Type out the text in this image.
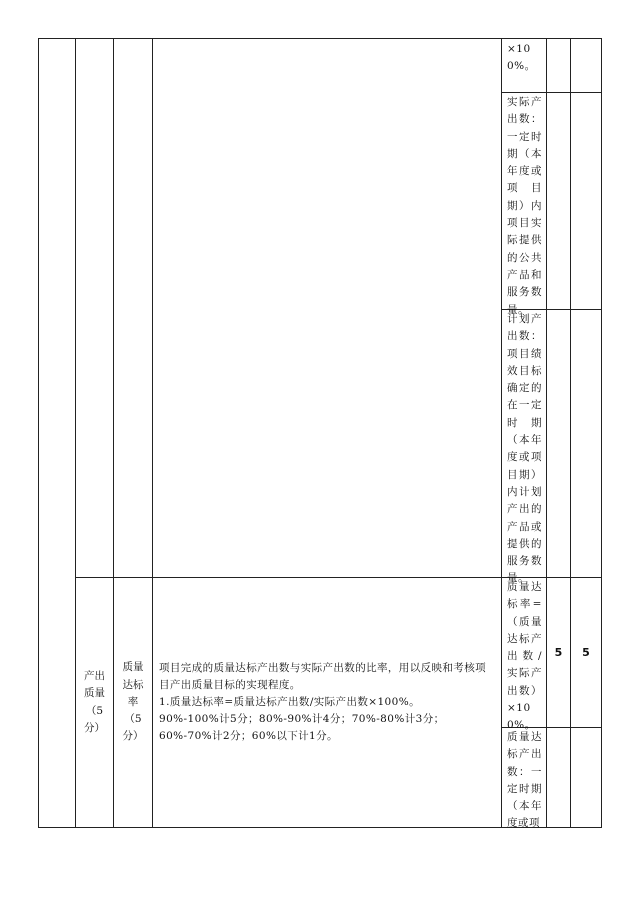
×100%。
实际产出数：一定时期（本年度或项　目期）内项目实际提供的公共产品和服务数量。
计划产出数：项目绩效目标确定的在一定时　期（本年度或项目期）内计划产出的产品或提供的服务数量。
产出质量（5分）
质量达标率（5分）

项目完成的质量达标产出数与实际产出数的比率，用以反映和考核项目产出质量目标的实现程度。

1.质量达标率=质量达标产出数/实际产出数×100%。

90%-100%计5分；80%-90%计4分；70%-80%计3分；60%-70%计2分；60%以下计1分。

质量达标率=（质量达标产出数/实际产出数）×100%。
质量达标产出数：一定时期（本年度或项
5 5
